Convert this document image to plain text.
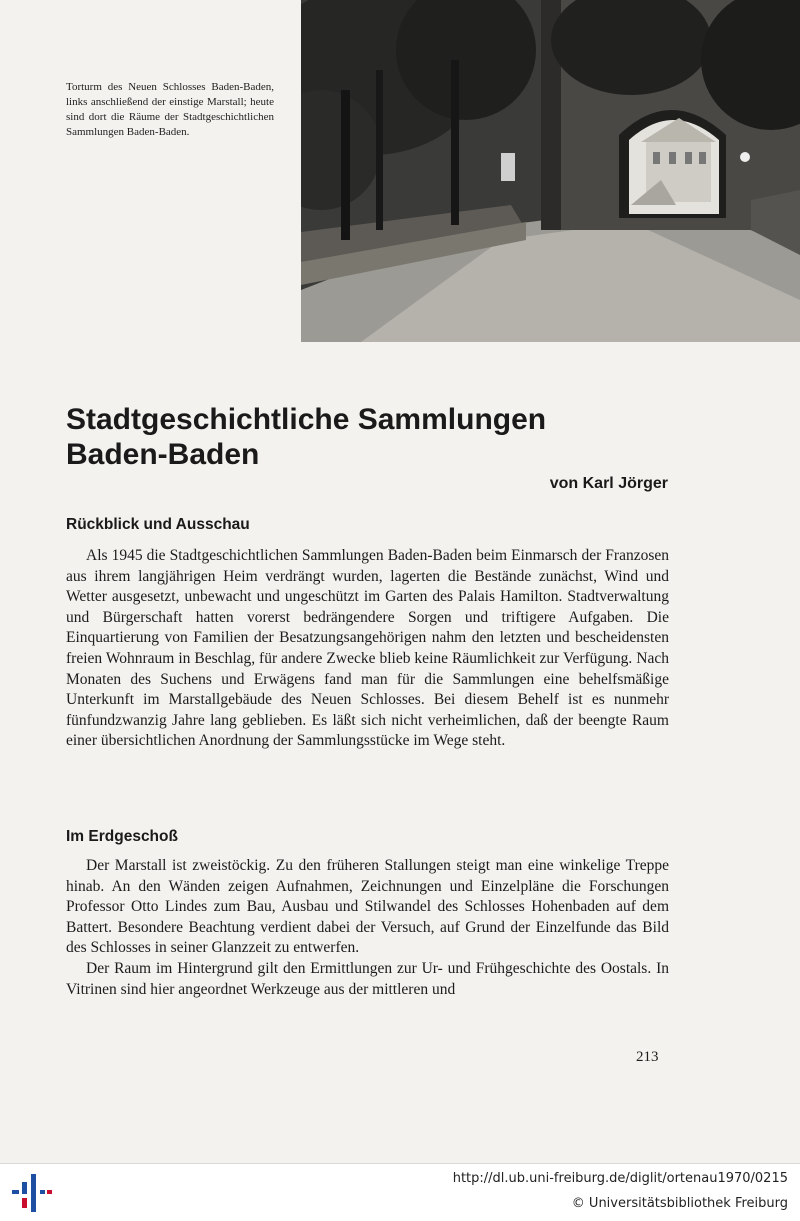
Torturm des Neuen Schlosses Baden-Baden, links anschließend der einstige Marstall; heute sind dort die Räume der Stadtgeschichtlichen Sammlungen Baden-Baden.
Stadtgeschichtliche Sammlungen
Baden-Baden
von Karl Jörger
Rückblick und Ausschau

Als 1945 die Stadtgeschichtlichen Sammlungen Baden-Baden beim Einmarsch der Franzosen aus ihrem langjährigen Heim verdrängt wurden, lagerten die Bestände zunächst, Wind und Wetter ausgesetzt, unbewacht und ungeschützt im Garten des Palais Hamilton. Stadtverwaltung und Bürgerschaft hatten vorerst bedrängendere Sorgen und triftigere Aufgaben. Die Einquartierung von Familien der Besatzungsangehörigen nahm den letzten und bescheidensten freien Wohnraum in Beschlag, für andere Zwecke blieb keine Räumlichkeit zur Verfügung. Nach Monaten des Suchens und Erwägens fand man für die Sammlungen eine behelfsmäßige Unterkunft im Marstallgebäude des Neuen Schlosses. Bei diesem Behelf ist es nunmehr fünfundzwanzig Jahre lang geblieben. Es läßt sich nicht verheimlichen, daß der beengte Raum einer übersichtlichen Anordnung der Sammlungsstücke im Wege steht.

Im Erdgeschoß

Der Marstall ist zweistöckig. Zu den früheren Stallungen steigt man eine winkelige Treppe hinab. An den Wänden zeigen Aufnahmen, Zeichnungen und Einzelpläne die Forschungen Professor Otto Lindes zum Bau, Ausbau und Stilwandel des Schlosses Hohenbaden auf dem Battert. Besondere Beachtung verdient dabei der Versuch, auf Grund der Einzelfunde das Bild des Schlosses in seiner Glanzzeit zu entwerfen.

Der Raum im Hintergrund gilt den Ermittlungen zur Ur- und Frühgeschichte des Oostals. In Vitrinen sind hier angeordnet Werkzeuge aus der mittleren und

213
http://dl.ub.uni-freiburg.de/diglit/ortenau1970/0215
© Universitätsbibliothek Freiburg
